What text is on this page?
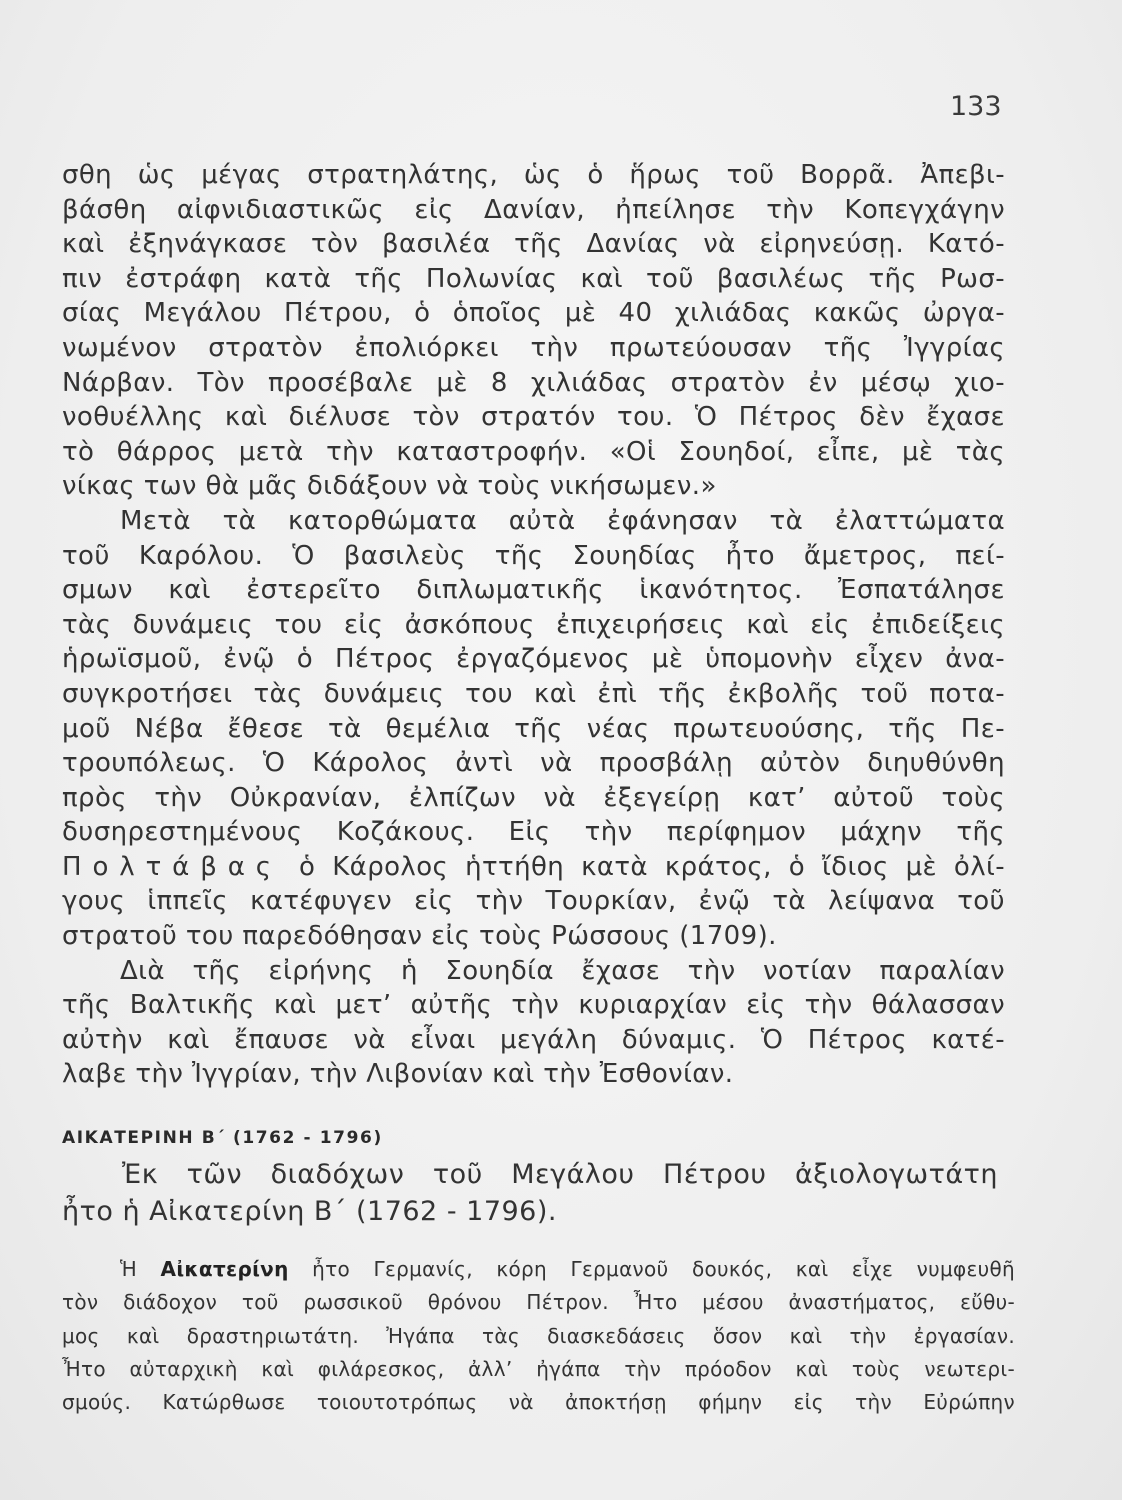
133
σθη ὡς μέγας στρατηλάτης, ὡς ὁ ἥρως τοῦ Βορρᾶ. Ἀπεβι-
βάσθη αἰφνιδιαστικῶς εἰς Δανίαν, ἠπείλησε τὴν Κοπεγχάγην
καὶ ἐξηνάγκασε τὸν βασιλέα τῆς Δανίας νὰ εἰρηνεύσῃ. Κατό-
πιν ἐστράφη κατὰ τῆς Πολωνίας καὶ τοῦ βασιλέως τῆς Ρωσ-
σίας Μεγάλου Πέτρου, ὁ ὁποῖος μὲ 40 χιλιάδας κακῶς ὠργα-
νωμένον στρατὸν ἐπολιόρκει τὴν πρωτεύουσαν τῆς Ἰγγρίας
Νάρβαν. Τὸν προσέβαλε μὲ 8 χιλιάδας στρατὸν ἐν μέσῳ χιο-
νοθυέλλης καὶ διέλυσε τὸν στρατόν του. Ὁ Πέτρος δὲν ἔχασε
τὸ θάρρος μετὰ τὴν καταστροφήν. «Οἱ Σουηδοί, εἶπε, μὲ τὰς
νίκας των θὰ μᾶς διδάξουν νὰ τοὺς νικήσωμεν.»
Μετὰ τὰ κατορθώματα αὐτὰ ἐφάνησαν τὰ ἐλαττώματα
τοῦ Καρόλου. Ὁ βασιλεὺς τῆς Σουηδίας ἦτο ἄμετρος, πεί-
σμων καὶ ἐστερεῖτο διπλωματικῆς ἱκανότητος. Ἐσπατάλησε
τὰς δυνάμεις του εἰς ἀσκόπους ἐπιχειρήσεις καὶ εἰς ἐπιδείξεις
ἡρωϊσμοῦ, ἐνῷ ὁ Πέτρος ἐργαζόμενος μὲ ὑπομονὴν εἶχεν ἀνα-
συγκροτήσει τὰς δυνάμεις του καὶ ἐπὶ τῆς ἐκβολῆς τοῦ ποτα-
μοῦ Νέβα ἔθεσε τὰ θεμέλια τῆς νέας πρωτευούσης, τῆς Πε-
τρουπόλεως. Ὁ Κάρολος ἀντὶ νὰ προσβάλῃ αὐτὸν διηυθύνθη
πρὸς τὴν Οὐκρανίαν, ἐλπίζων νὰ ἐξεγείρῃ κατ’ αὐτοῦ τοὺς
δυσηρεστημένους Κοζάκους. Εἰς τὴν περίφημον μάχην τῆς
Πολτάβας ὁ Κάρολος ἡττήθη κατὰ κράτος, ὁ ἴδιος μὲ ὀλί-
γους ἱππεῖς κατέφυγεν εἰς τὴν Τουρκίαν, ἐνῷ τὰ λείψανα τοῦ
στρατοῦ του παρεδόθησαν εἰς τοὺς Ρώσσους (1709).
Διὰ τῆς εἰρήνης ἡ Σουηδία ἔχασε τὴν νοτίαν παραλίαν
τῆς Βαλτικῆς καὶ μετ’ αὐτῆς τὴν κυριαρχίαν εἰς τὴν θάλασσαν
αὐτὴν καὶ ἔπαυσε νὰ εἶναι μεγάλη δύναμις. Ὁ Πέτρος κατέ-
λαβε τὴν Ἰγγρίαν, τὴν Λιβονίαν καὶ τὴν Ἐσθονίαν.
ΑΙΚΑΤΕΡΙΝΗ Β΄ (1762 - 1796)
Ἐκ τῶν διαδόχων τοῦ Μεγάλου Πέτρου ἀξιολογωτάτη
ἦτο ἡ Αἰκατερίνη Β΄ (1762 - 1796).
Ἡ Αἰκατερίνη ἦτο Γερμανίς, κόρη Γερμανοῦ δουκός, καὶ εἶχε νυμφευθῆ
τὸν διάδοχον τοῦ ρωσσικοῦ θρόνου Πέτρον. Ἦτο μέσου ἀναστήματος, εὔθυ-
μος καὶ δραστηριωτάτη. Ἠγάπα τὰς διασκεδάσεις ὅσον καὶ τὴν ἐργασίαν.
Ἦτο αὐταρχικὴ καὶ φιλάρεσκος, ἀλλ’ ἠγάπα τὴν πρόοδον καὶ τοὺς νεωτερι-
σμούς. Κατώρθωσε τοιουτοτρόπως νὰ ἀποκτήσῃ φήμην εἰς τὴν Εὐρώπην
